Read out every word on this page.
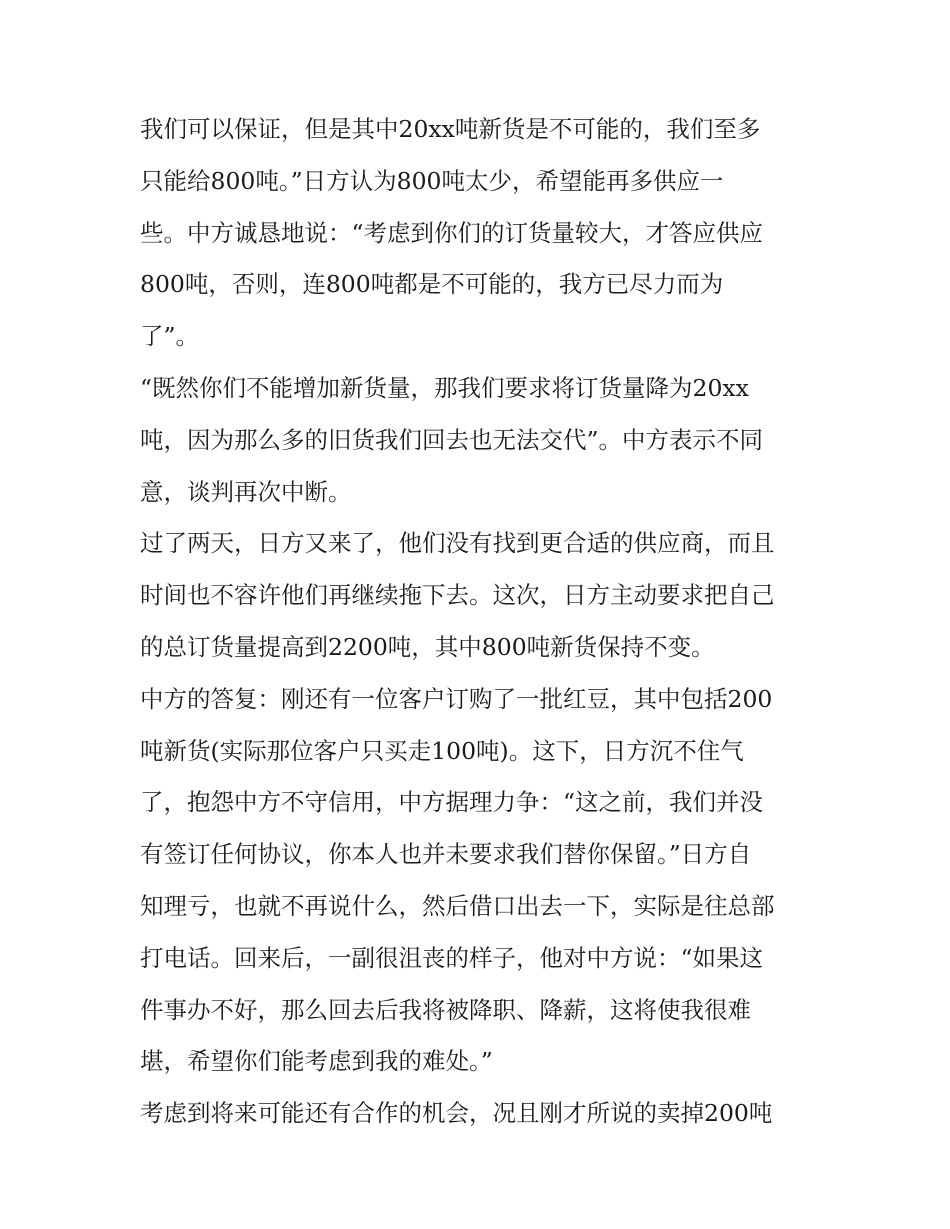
我们可以保证，但是其中20xx吨新货是不可能的，我们至多
只能给800吨。”日方认为800吨太少，希望能再多供应一
些。中方诚恳地说：“考虑到你们的订货量较大，才答应供应
800吨，否则，连800吨都是不可能的，我方已尽力而为
了”。
“既然你们不能增加新货量，那我们要求将订货量降为20xx
吨，因为那么多的旧货我们回去也无法交代”。中方表示不同
意，谈判再次中断。
过了两天，日方又来了，他们没有找到更合适的供应商，而且
时间也不容许他们再继续拖下去。这次，日方主动要求把自己
的总订货量提高到2200吨，其中800吨新货保持不变。
中方的答复：刚还有一位客户订购了一批红豆，其中包括200
吨新货(实际那位客户只买走100吨)。这下，日方沉不住气
了，抱怨中方不守信用，中方据理力争：“这之前，我们并没
有签订任何协议，你本人也并未要求我们替你保留。”日方自
知理亏，也就不再说什么，然后借口出去一下，实际是往总部
打电话。回来后，一副很沮丧的样子，他对中方说：“如果这
件事办不好，那么回去后我将被降职、降薪，这将使我很难
堪，希望你们能考虑到我的难处。”
考虑到将来可能还有合作的机会，况且刚才所说的卖掉200吨
